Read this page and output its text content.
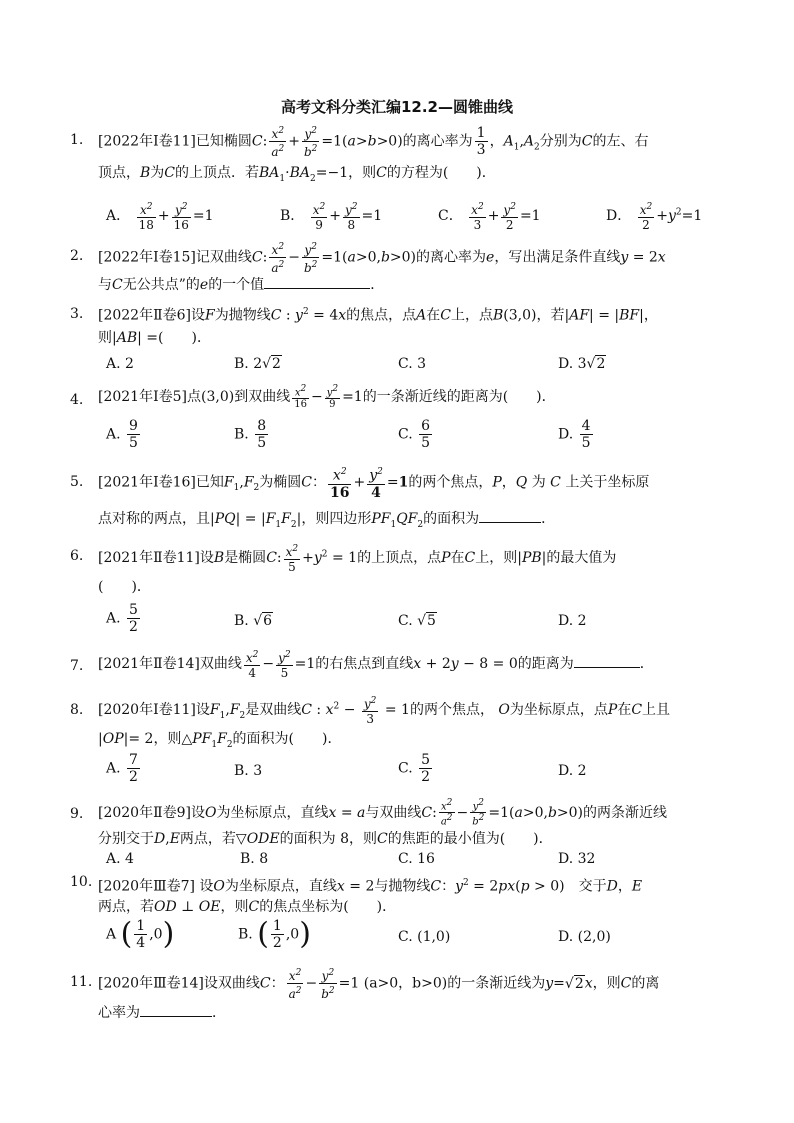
高考文科分类汇编12.2—圆锥曲线
1. [2022年Ⅰ卷11]已知椭圆C: $\frac{x^2}{a^2} + \frac{y^2}{b^2} =1(a>b>0)$的离心率为 $\frac{1}{3}$ ，$A_1,A_2$分别为C的左、右
顶点，B为C的上顶点．若$BA_1\cdot BA_2=-1$，则C的方程为(　　)．
A． $\frac{x^2}{18} + \frac{y^2}{16} =1$	B． $\frac{x^2}{9} + \frac{y^2}{8} =1$	C． $\frac{x^2}{3} + \frac{y^2}{2} =1$	D． $\frac{x^2}{2} +y^2=1$
2. [2022年Ⅰ卷15]记双曲线C: $\frac{x^2}{a^2} - \frac{y^2}{b^2} =1(a>0,b>0)$的离心率为e，写出满足条件直线y = 2x
与C无公共点”的e的一个值	．
3. [2022年Ⅱ卷6]设F为抛物线C : $y^2 = 4x$的焦点，点A在C上，点B(3,0)，若|AF| = |BF|，
则|AB| =(　　)．
A. 2	B. 2√2	C. 3	D. 3√2
4. [2021年Ⅰ卷5]点(3,0)到双曲线 $\frac{x^2}{16} - \frac{y^2}{9} =1$的一条渐近线的距离为(　　)．
A. $\frac{9}{5}$	B. $\frac{8}{5}$	C. $\frac{6}{5}$	D. $\frac{4}{5}$
5. [2021年Ⅰ卷16]已知$F_1,F_2$为椭圆C： $\frac{x^2}{16} + \frac{y^2}{4} =1$的两个焦点，P，Q 为 C 上关于坐标原
点对称的两点，且$|PQ| = |F_1F_2|$，则四边形$PF_1QF_2$的面积为	．
6. [2021年Ⅱ卷11]设B是椭圆C: $\frac{x^2}{5} +y^2 = 1$的上顶点，点P在C上，则|PB|的最大值为
(　　)．
A. $\frac{5}{2}$	B. √6	C. √5	D. 2
7. [2021年Ⅱ卷14]双曲线 $\frac{x^2}{4} - \frac{y^2}{5} =1$的右焦点到直线x + 2y − 8 = 0的距离为	．
8. [2020年Ⅰ卷11]设$F_1,F_2$是双曲线C : $x^2 - \frac{y^2}{3} = 1$的两个焦点， O为坐标原点，点P在C上且
|OP|= 2，则$\triangle PF_1F_2$的面积为(　　)．
A. $\frac{7}{2}$	B. 3	C. $\frac{5}{2}$	D. 2
9. [2020年Ⅱ卷9]设O为坐标原点，直线x = a与双曲线C: $\frac{x^2}{a^2} - \frac{y^2}{b^2} =1(a>0,b>0)$的两条渐近线
分别交于D,E两点，若▽ODE的面积为 8，则C的焦距的最小值为(　　)．
A. 4	B. 8	C. 16	D. 32
10. [2020年Ⅲ卷7] 设O为坐标原点，直线x = 2与抛物线C：$y^2 = 2px(p > 0)$　交于D，E
两点，若OD ⊥ OE，则C的焦点坐标为(　　)．
A ( $\frac{1}{4} ,0$)	B. ( $\frac{1}{2} ,0$)	C. (1,0)	D. (2,0)
11. [2020年Ⅲ卷14]设双曲线C： $\frac{x^2}{a^2} - \frac{y^2}{b^2} =1$ (a>0，b>0)的一条渐近线为y=√2x，则C的离
心率为	．
